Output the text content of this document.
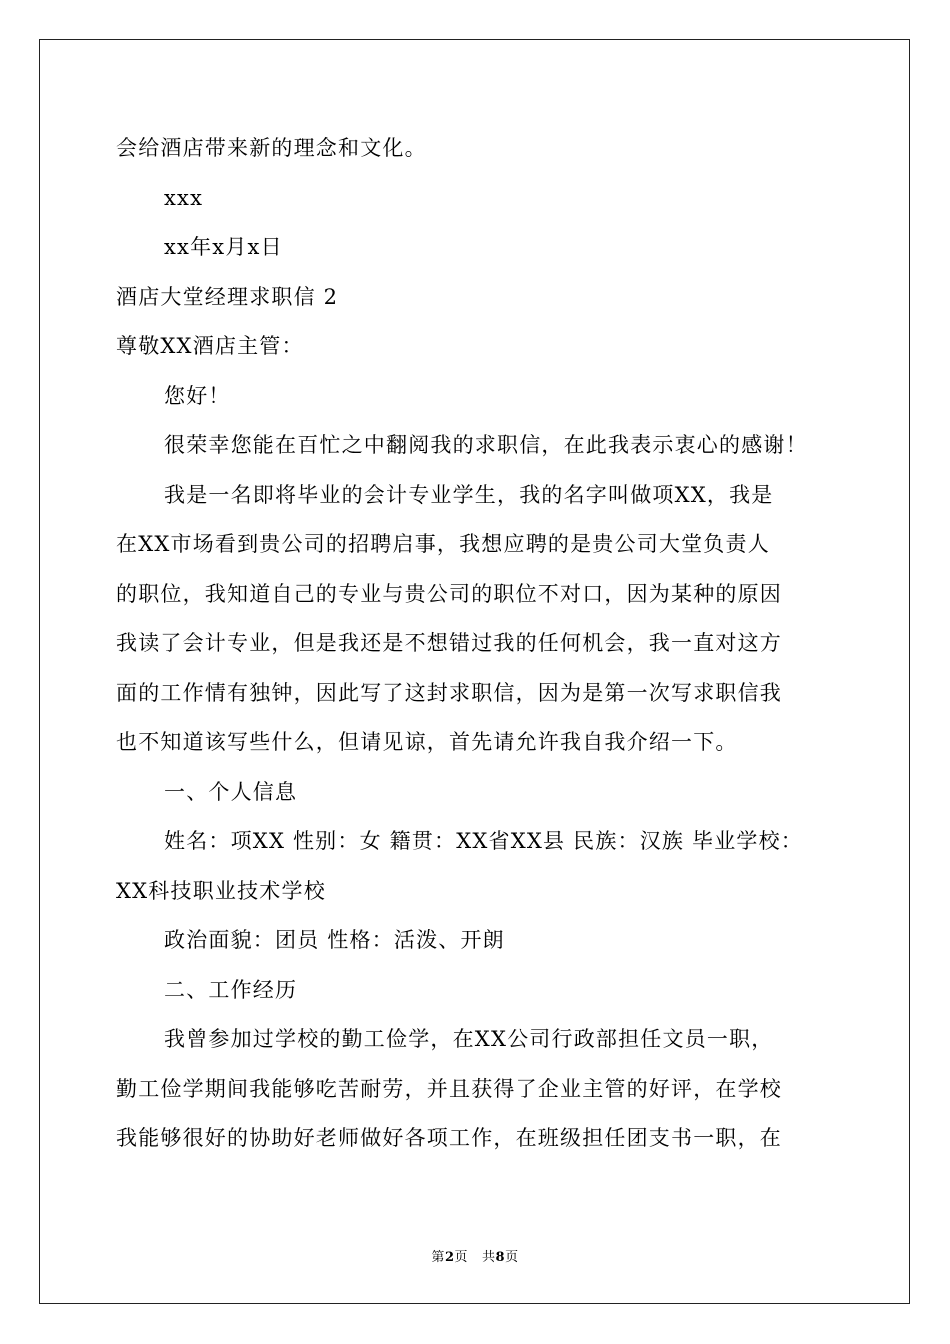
会给酒店带来新的理念和文化。
xxx
xx年x月x日
酒店大堂经理求职信 2
尊敬XX酒店主管：
您好！
很荣幸您能在百忙之中翻阅我的求职信，在此我表示衷心的感谢！
我是一名即将毕业的会计专业学生，我的名字叫做项XX，我是
在XX市场看到贵公司的招聘启事，我想应聘的是贵公司大堂负责人
的职位，我知道自己的专业与贵公司的职位不对口，因为某种的原因
我读了会计专业，但是我还是不想错过我的任何机会，我一直对这方
面的工作情有独钟，因此写了这封求职信，因为是第一次写求职信我
也不知道该写些什么，但请见谅，首先请允许我自我介绍一下。
一、个人信息
姓名：项XX 性别：女 籍贯：XX省XX县 民族：汉族 毕业学校：
XX科技职业技术学校
政治面貌：团员 性格：活泼、开朗
二、工作经历
我曾参加过学校的勤工俭学，在XX公司行政部担任文员一职，
勤工俭学期间我能够吃苦耐劳，并且获得了企业主管的好评，在学校
我能够很好的协助好老师做好各项工作，在班级担任团支书一职，在
第2页 共8页
